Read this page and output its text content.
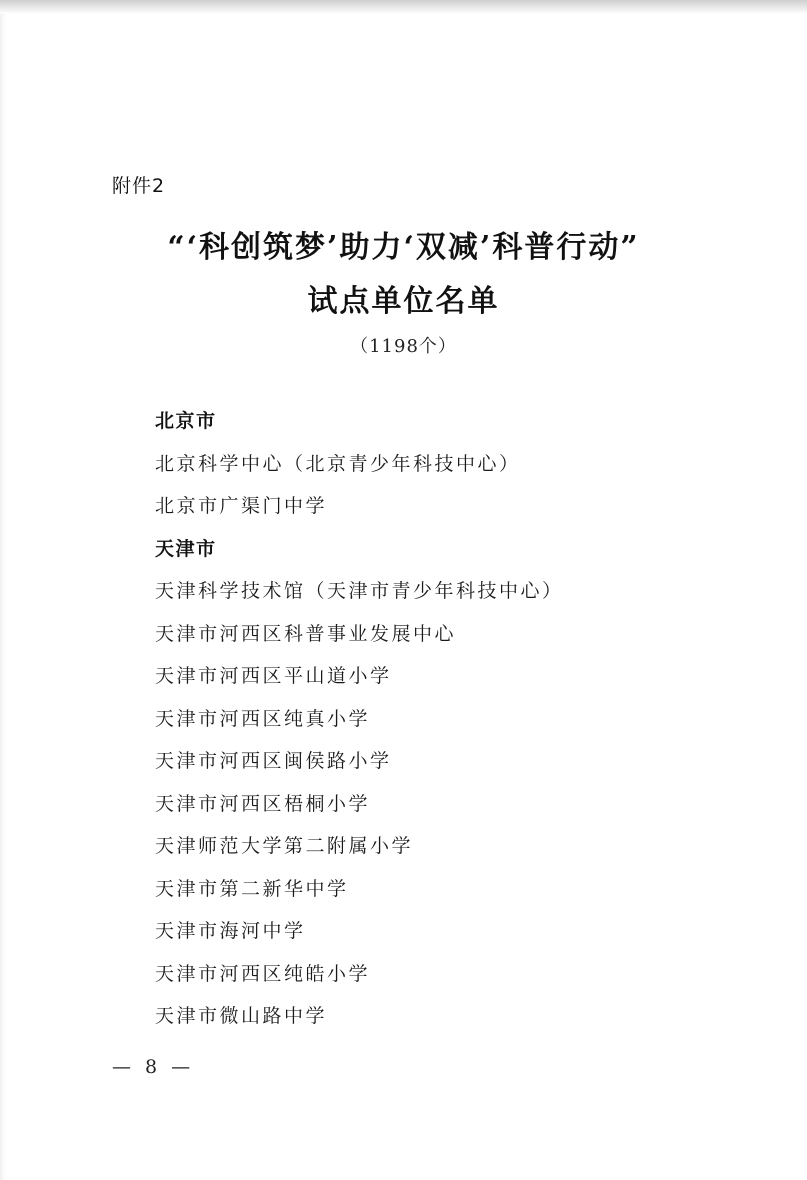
附件2
“‘科创筑梦’助力‘双减’科普行动”
试点单位名单
（1198个）
北京市
北京科学中心（北京青少年科技中心）
北京市广渠门中学
天津市
天津科学技术馆（天津市青少年科技中心）
天津市河西区科普事业发展中心
天津市河西区平山道小学
天津市河西区纯真小学
天津市河西区闽侯路小学
天津市河西区梧桐小学
天津师范大学第二附属小学
天津市第二新华中学
天津市海河中学
天津市河西区纯皓小学
天津市微山路中学
— 8 —
